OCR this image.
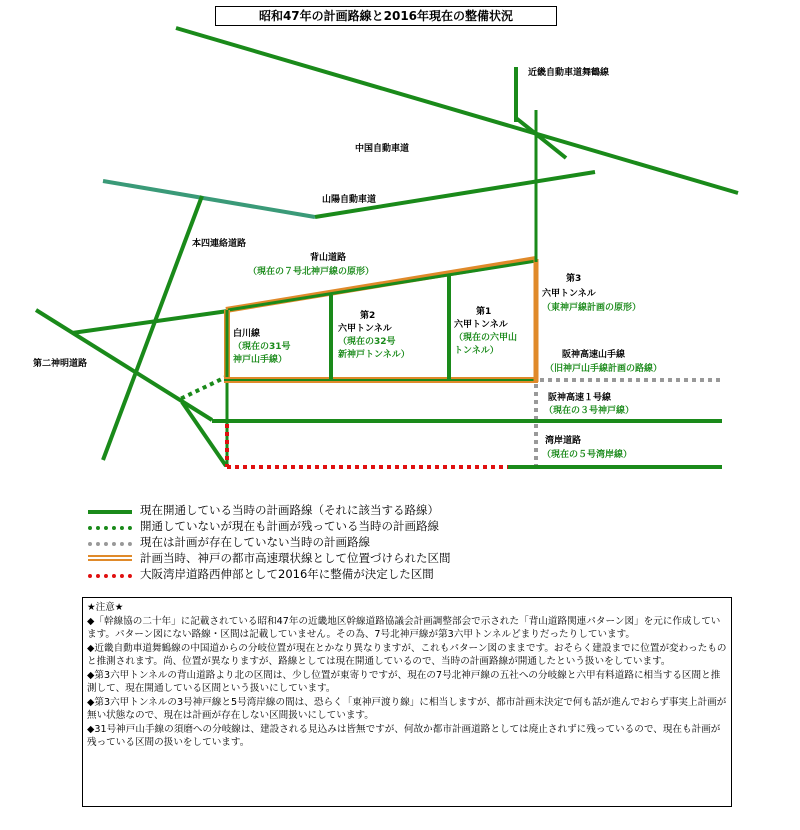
昭和47年の計画路線と2016年現在の整備状況
近畿自動車道舞鶴線
中国自動車道
山陽自動車道
本四連絡道路
第二神明道路
背山道路
（現在の７号北神戸線の原形）
白川線
（現在の31号
神戸山手線）
第2
六甲トンネル
（現在の32号
新神戸トンネル）
第1
六甲トンネル
（現在の六甲山
トンネル）
第3
六甲トンネル
（東神戸線計画の原形）
阪神高速山手線
（旧神戸山手線計画の路線）
阪神高速１号線
（現在の３号神戸線）
湾岸道路
（現在の５号湾岸線）
現在開通している当時の計画路線（それに該当する路線）
開通していないが現在も計画が残っている当時の計画路線
現在は計画が存在していない当時の計画路線
計画当時、神戸の都市高速環状線として位置づけられた区間
大阪湾岸道路西伸部として2016年に整備が決定した区間

★注意★

◆「幹線協の二十年」に記載されている昭和47年の近畿地区幹線道路協議会計画調整部会で示された「背山道路関連パターン図」を元に作成しています。パターン図にない路線・区間は記載していません。その為、7号北神戸線が第3六甲トンネルどまりだったりしています。

◆近畿自動車道舞鶴線の中国道からの分岐位置が現在とかなり異なりますが、これもパターン図のままです。おそらく建設までに位置が変わったものと推測されます。尚、位置が異なりますが、路線としては現在開通しているので、当時の計画路線が開通したという扱いをしています。

◆第3六甲トンネルの背山道路より北の区間は、少し位置が東寄りですが、現在の7号北神戸線の五社への分岐線と六甲有料道路に相当する区間と推測して、現在開通している区間という扱いにしています。

◆第3六甲トンネルの3号神戸線と5号湾岸線の間は、恐らく「東神戸渡り線」に相当しますが、都市計画未決定で何も話が進んでおらず事実上計画が無い状態なので、現在は計画が存在しない区間扱いにしています。

◆31号神戸山手線の須磨への分岐線は、建設される見込みは皆無ですが、何故か都市計画道路としては廃止されずに残っているので、現在も計画が残っている区間の扱いをしています。
